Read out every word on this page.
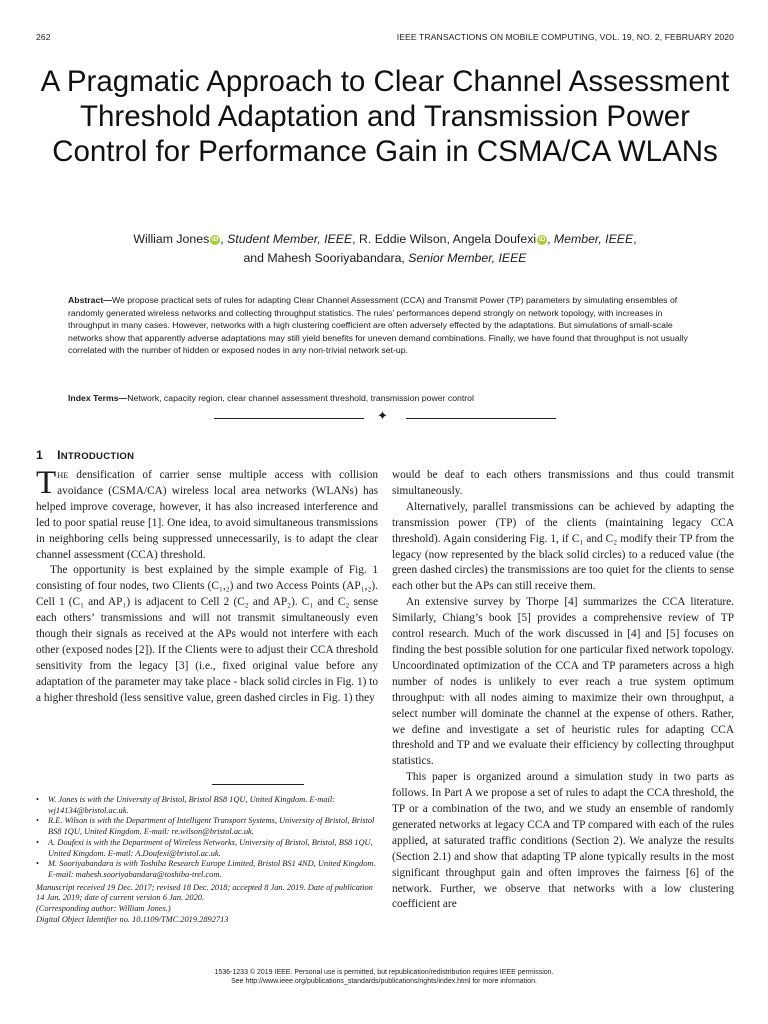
262	IEEE TRANSACTIONS ON MOBILE COMPUTING, VOL. 19, NO. 2, FEBRUARY 2020
A Pragmatic Approach to Clear Channel Assessment Threshold Adaptation and Transmission Power Control for Performance Gain in CSMA/CA WLANs
William Jones iD , Student Member, IEEE, R. Eddie Wilson, Angela Doufexi iD , Member, IEEE,
and Mahesh Sooriyabandara, Senior Member, IEEE
Abstract—We propose practical sets of rules for adapting Clear Channel Assessment (CCA) and Transmit Power (TP) parameters by simulating ensembles of randomly generated wireless networks and collecting throughput statistics. The rules’ performances depend strongly on network topology, with increases in throughput in many cases. However, networks with a high clustering coefficient are often adversely effected by the adaptations. But simulations of small-scale networks show that apparently adverse adaptations may still yield benefits for uneven demand combinations. Finally, we have found that throughput is not usually correlated with the number of hidden or exposed nodes in any non-trivial network set-up.
Index Terms—Network, capacity region, clear channel assessment threshold, transmission power control
✦
1 INTRODUCTION

THE densification of carrier sense multiple access with collision avoidance (CSMA/CA) wireless local area networks (WLANs) has helped improve coverage, however, it has also increased interference and led to poor spatial reuse [1]. One idea, to avoid simultaneous transmissions in neighboring cells being suppressed unnecessarily, is to adapt the clear channel assessment (CCA) threshold.

The opportunity is best explained by the simple example of Fig. 1 consisting of four nodes, two Clients (C₁,₂) and two Access Points (AP₁,₂). Cell 1 (C₁ and AP₁) is adjacent to Cell 2 (C₂ and AP₂). C₁ and C₂ sense each others’ transmissions and will not transmit simultaneously even though their signals as received at the APs would not interfere with each other (exposed nodes [2]). If the Clients were to adjust their CCA threshold sensitivity from the legacy [3] (i.e., fixed original value before any adaptation of the parameter may take place - black solid circles in Fig. 1) to a higher threshold (less sensitive value, green dashed circles in Fig. 1) they

would be deaf to each others transmissions and thus could transmit simultaneously.

Alternatively, parallel transmissions can be achieved by adapting the transmission power (TP) of the clients (maintaining legacy CCA threshold). Again considering Fig. 1, if C₁ and C₂ modify their TP from the legacy (now represented by the black solid circles) to a reduced value (the green dashed circles) the transmissions are too quiet for the clients to sense each other but the APs can still receive them.

An extensive survey by Thorpe [4] summarizes the CCA literature. Similarly, Chiang’s book [5] provides a comprehensive review of TP control research. Much of the work discussed in [4] and [5] focuses on finding the best possible solution for one particular fixed network topology. Uncoordinated optimization of the CCA and TP parameters across a high number of nodes is unlikely to ever reach a true system optimum throughput: with all nodes aiming to maximize their own throughput, a select number will dominate the channel at the expense of others. Rather, we define and investigate a set of heuristic rules for adapting CCA threshold and TP and we evaluate their efficiency by collecting throughput statistics.

This paper is organized around a simulation study in two parts as follows. In Part A we propose a set of rules to adapt the CCA threshold, the TP or a combination of the two, and we study an ensemble of randomly generated networks at legacy CCA and TP compared with each of the rules applied, at saturated traffic conditions (Section 2). We analyze the results (Section 2.1) and show that adapting TP alone typically results in the most significant throughput gain and often improves the fairness [6] of the network. Further, we observe that networks with a low clustering coefficient are

• W. Jones is with the University of Bristol, Bristol BS8 1QU, United Kingdom. E-mail: wj14134@bristol.ac.uk.
• R.E. Wilson is with the Department of Intelligent Transport Systems, University of Bristol, Bristol BS8 1QU, United Kingdom. E-mail: re.wilson@bristol.ac.uk.
• A. Doufexi is with the Department of Wireless Networks, University of Bristol, Bristol, BS8 1QU, United Kingdom. E-mail: A.Doufexi@bristol.ac.uk.
• M. Sooriyabandara is with Toshiba Research Europe Limited, Bristol BS1 4ND, United Kingdom. E-mail: mahesh.sooriyabandara@toshiba-trel.com.
Manuscript received 19 Dec. 2017; revised 18 Dec. 2018; accepted 8 Jan. 2019. Date of publication 14 Jan. 2019; date of current version 6 Jan. 2020.
(Corresponding author: William Jones.)
Digital Object Identifier no. 10.1109/TMC.2019.2892713
1536-1233 © 2019 IEEE. Personal use is permitted, but republication/redistribution requires IEEE permission.
See http://www.ieee.org/publications_standards/publications/rights/index.html for more information.
